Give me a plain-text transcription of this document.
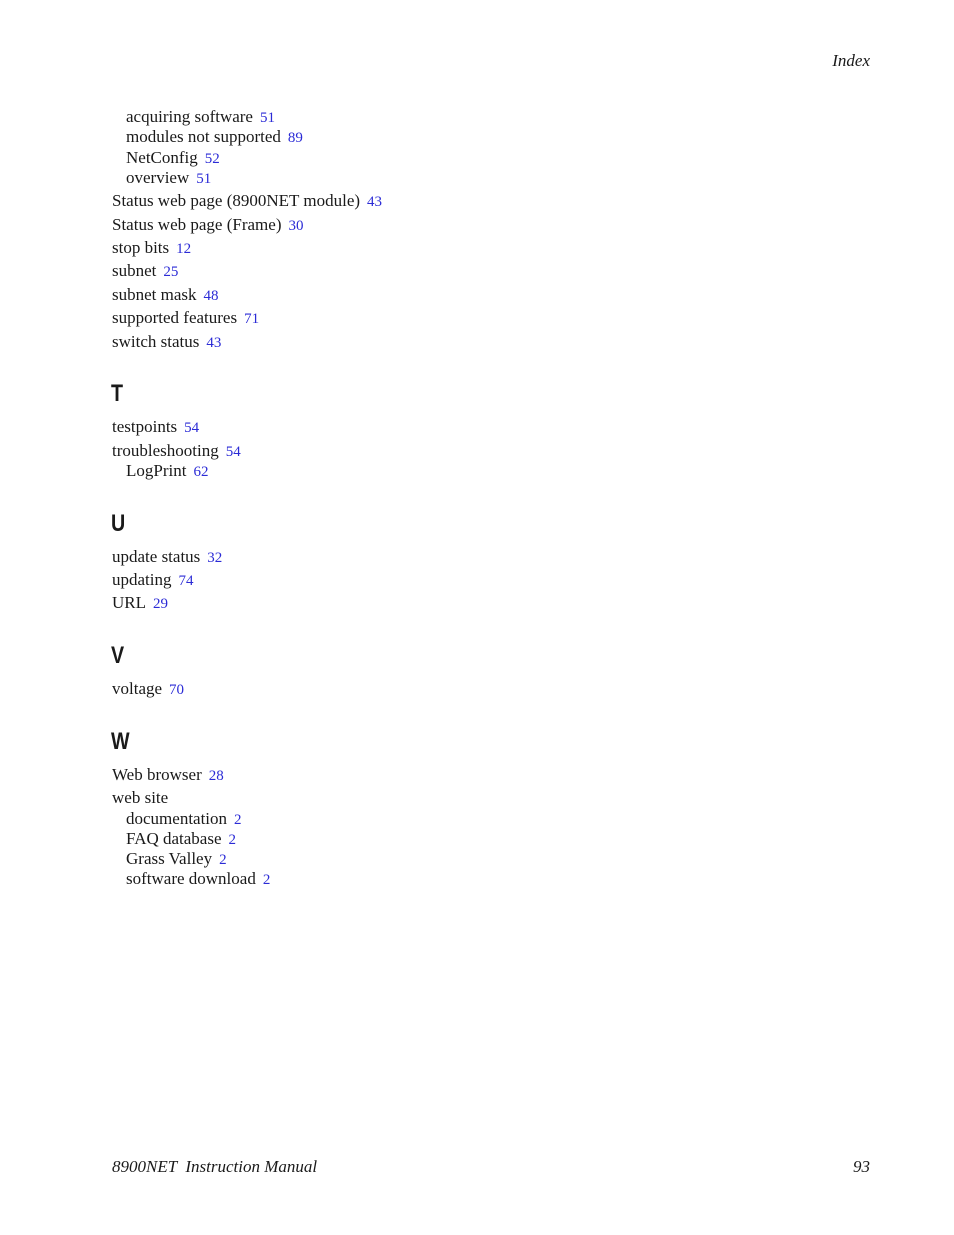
Index
acquiring software 51
modules not supported 89
NetConfig 52
overview 51
Status web page (8900NET module) 43
Status web page (Frame) 30
stop bits 12
subnet 25
subnet mask 48
supported features 71
switch status 43
T
testpoints 54
troubleshooting 54
LogPrint 62
U
update status 32
updating 74
URL 29
V
voltage 70
W
Web browser 28
web site
documentation 2
FAQ database 2
Grass Valley 2
software download 2
8900NET  Instruction Manual	93
